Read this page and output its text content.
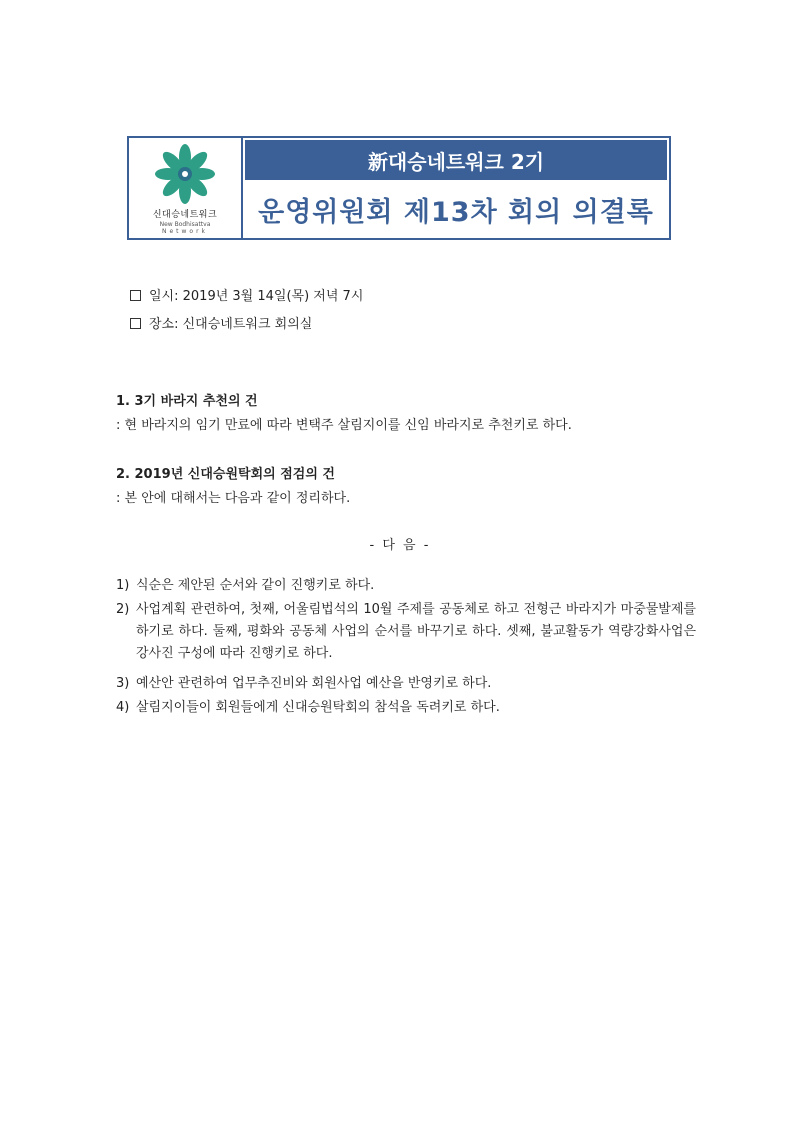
신대승네트워크
New Bodhisattva
Network
新대승네트워크 2기
운영위원회 제13차 회의 의결록
일시: 2019년 3월 14일(목) 저녁 7시
장소: 신대승네트워크 회의실
1. 3기 바라지 추천의 건
: 현 바라지의 임기 만료에 따라 변택주 살림지이를 신임 바라지로 추천키로 하다.
2. 2019년 신대승원탁회의 점검의 건
: 본 안에 대해서는 다음과 같이 정리하다.
- 다 음 -
1) 식순은 제안된 순서와 같이 진행키로 하다.
2) 사업계획 관련하여, 첫째, 어울림법석의 10월 주제를 공동체로 하고 전형근 바라지가 마중물발제를 하기로 하다. 둘째, 평화와 공동체 사업의 순서를 바꾸기로 하다. 셋째, 불교활동가 역량강화사업은 강사진 구성에 따라 진행키로 하다.
3) 예산안 관련하여 업무추진비와 회원사업 예산을 반영키로 하다.
4) 살림지이들이 회원들에게 신대승원탁회의 참석을 독려키로 하다.
